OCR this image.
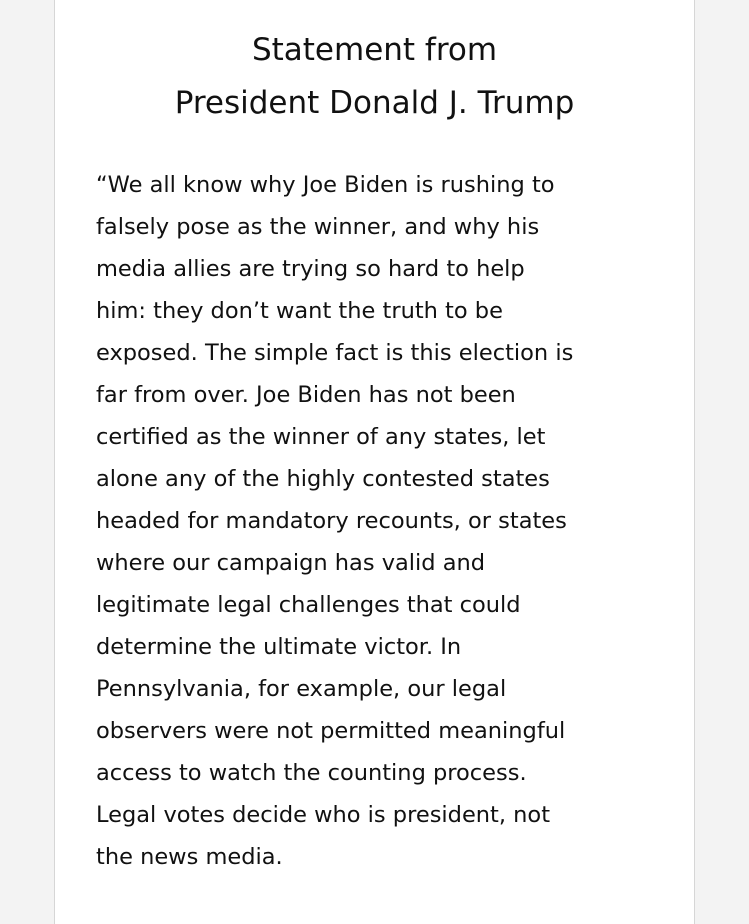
Statement from
President Donald J. Trump
“We all know why Joe Biden is rushing to
falsely pose as the winner, and why his
media allies are trying so hard to help
him: they don’t want the truth to be
exposed. The simple fact is this election is
far from over. Joe Biden has not been
certified as the winner of any states, let
alone any of the highly contested states
headed for mandatory recounts, or states
where our campaign has valid and
legitimate legal challenges that could
determine the ultimate victor. In
Pennsylvania, for example, our legal
observers were not permitted meaningful
access to watch the counting process.
Legal votes decide who is president, not
the news media.
